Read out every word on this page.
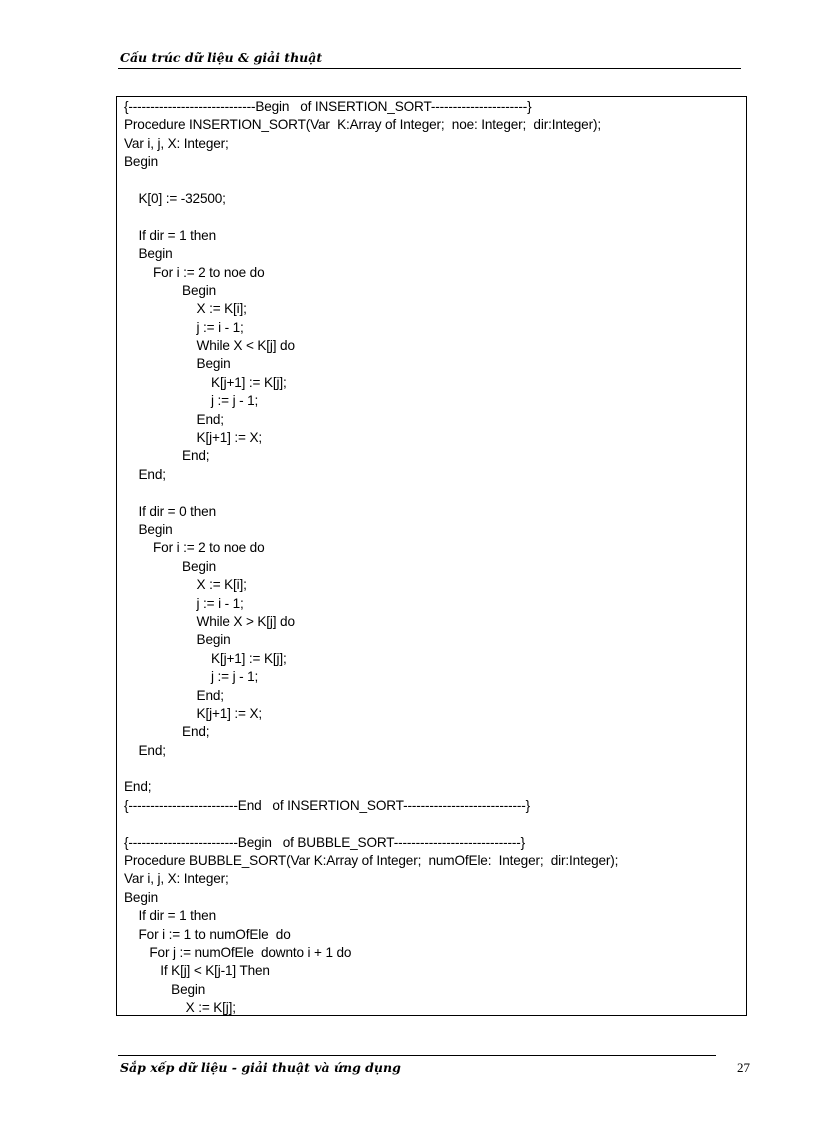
Cấu trúc dữ liệu & giải thuật
{-----------------------------Begin   of INSERTION_SORT----------------------}
Procedure INSERTION_SORT(Var  K:Array of Integer;  noe: Integer;  dir:Integer);
Var i, j, X: Integer;
Begin
K[0] := -32500;
If dir = 1 then
Begin
For i := 2 to noe do
Begin
X := K[i];
j := i - 1;
While X < K[j] do
Begin
K[j+1] := K[j];
j := j - 1;
End;
K[j+1] := X;
End;
End;
If dir = 0 then
Begin
For i := 2 to noe do
Begin
X := K[i];
j := i - 1;
While X > K[j] do
Begin
K[j+1] := K[j];
j := j - 1;
End;
K[j+1] := X;
End;
End;
End;
{-------------------------End   of INSERTION_SORT----------------------------}
{-------------------------Begin   of BUBBLE_SORT-----------------------------}
Procedure BUBBLE_SORT(Var K:Array of Integer;  numOfEle:  Integer;  dir:Integer);
Var i, j, X: Integer;
Begin
If dir = 1 then
For i := 1 to numOfEle  do
For j := numOfEle  downto i + 1 do
If K[j] < K[j-1] Then
Begin
X := K[j];
Sắp xếp dữ liệu - giải thuật và ứng dụng	27
